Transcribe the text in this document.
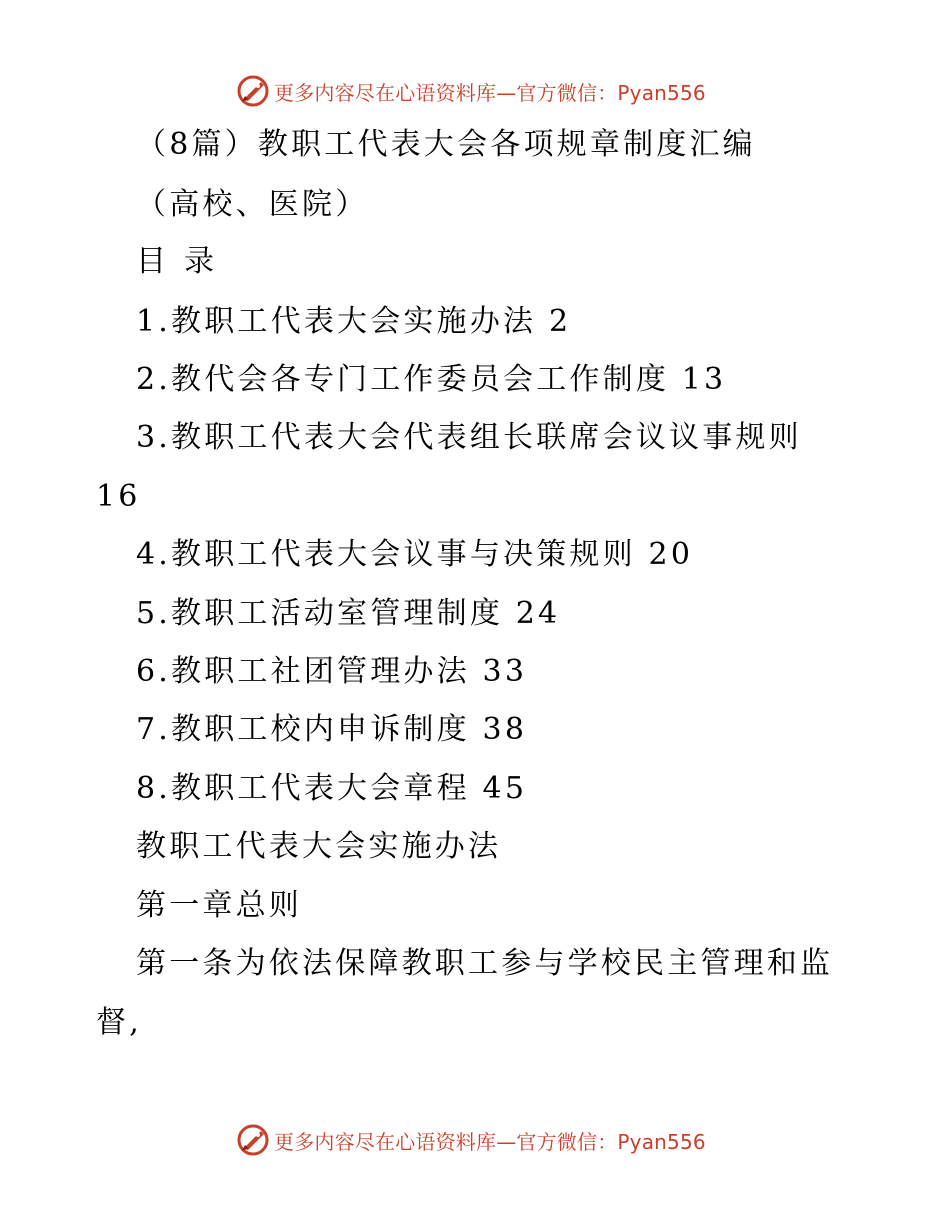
更多内容尽在心语资料库—官方微信：Pyan556
（8篇）教职工代表大会各项规章制度汇编
（高校、医院）
目录
1.教职工代表大会实施办法 2
2.教代会各专门工作委员会工作制度 13
3.教职工代表大会代表组长联席会议议事规则
16
4.教职工代表大会议事与决策规则 20
5.教职工活动室管理制度 24
6.教职工社团管理办法 33
7.教职工校内申诉制度 38
8.教职工代表大会章程 45
教职工代表大会实施办法
第一章总则
第一条为依法保障教职工参与学校民主管理和监
督,
更多内容尽在心语资料库—官方微信：Pyan556
